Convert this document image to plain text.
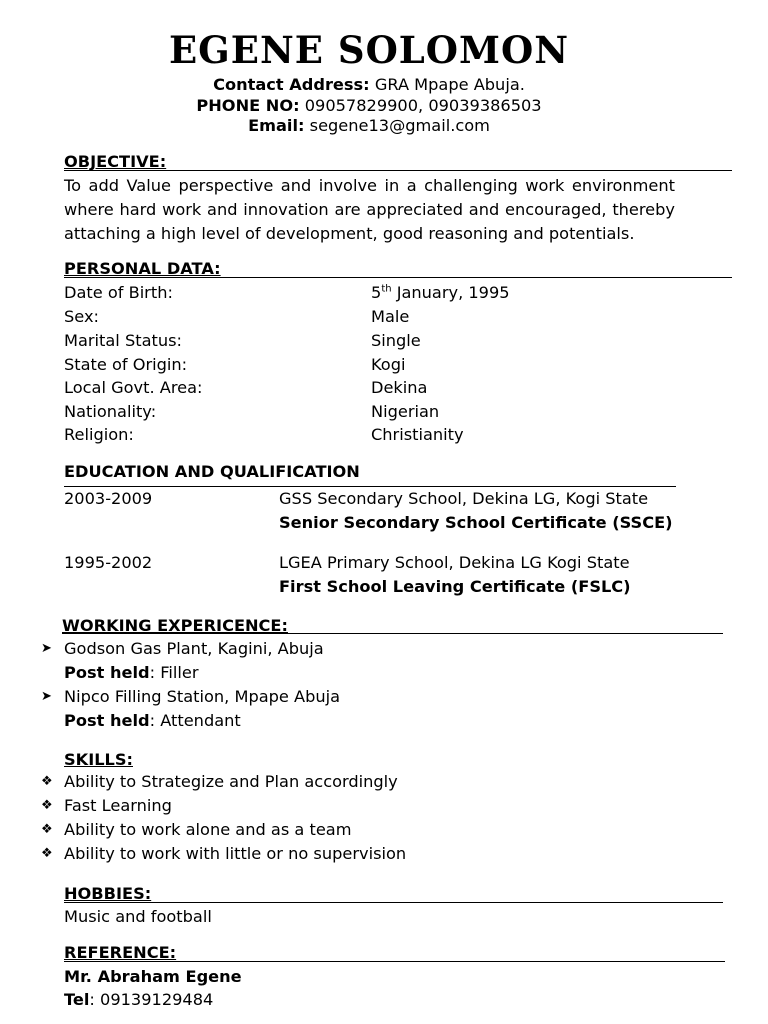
EGENE SOLOMON
Contact Address: GRA Mpape Abuja.
PHONE NO: 09057829900, 09039386503
Email: segene13@gmail.com
OBJECTIVE:
To add Value perspective and involve in a challenging work environment where hard work and innovation are appreciated and encouraged, thereby attaching a high level of development, good reasoning and potentials.
PERSONAL DATA:
Date of Birth:	5th January, 1995
Sex:	Male
Marital Status:	Single
State of Origin:	Kogi
Local Govt. Area:	Dekina
Nationality:	Nigerian
Religion:	Christianity
EDUCATION AND QUALIFICATION
2003-2009	GSS Secondary School, Dekina LG, Kogi State
Senior Secondary School Certificate (SSCE)
1995-2002	LGEA Primary School, Dekina LG Kogi State
First School Leaving Certificate (FSLC)
WORKING EXPERICENCE:
➤ Godson Gas Plant, Kagini, Abuja
Post held: Filler
➤ Nipco Filling Station, Mpape Abuja
Post held: Attendant
SKILLS:
❖ Ability to Strategize and Plan accordingly
❖ Fast Learning
❖ Ability to work alone and as a team
❖ Ability to work with little or no supervision
HOBBIES:
Music and football
REFERENCE:
Mr. Abraham Egene
Tel: 09139129484
